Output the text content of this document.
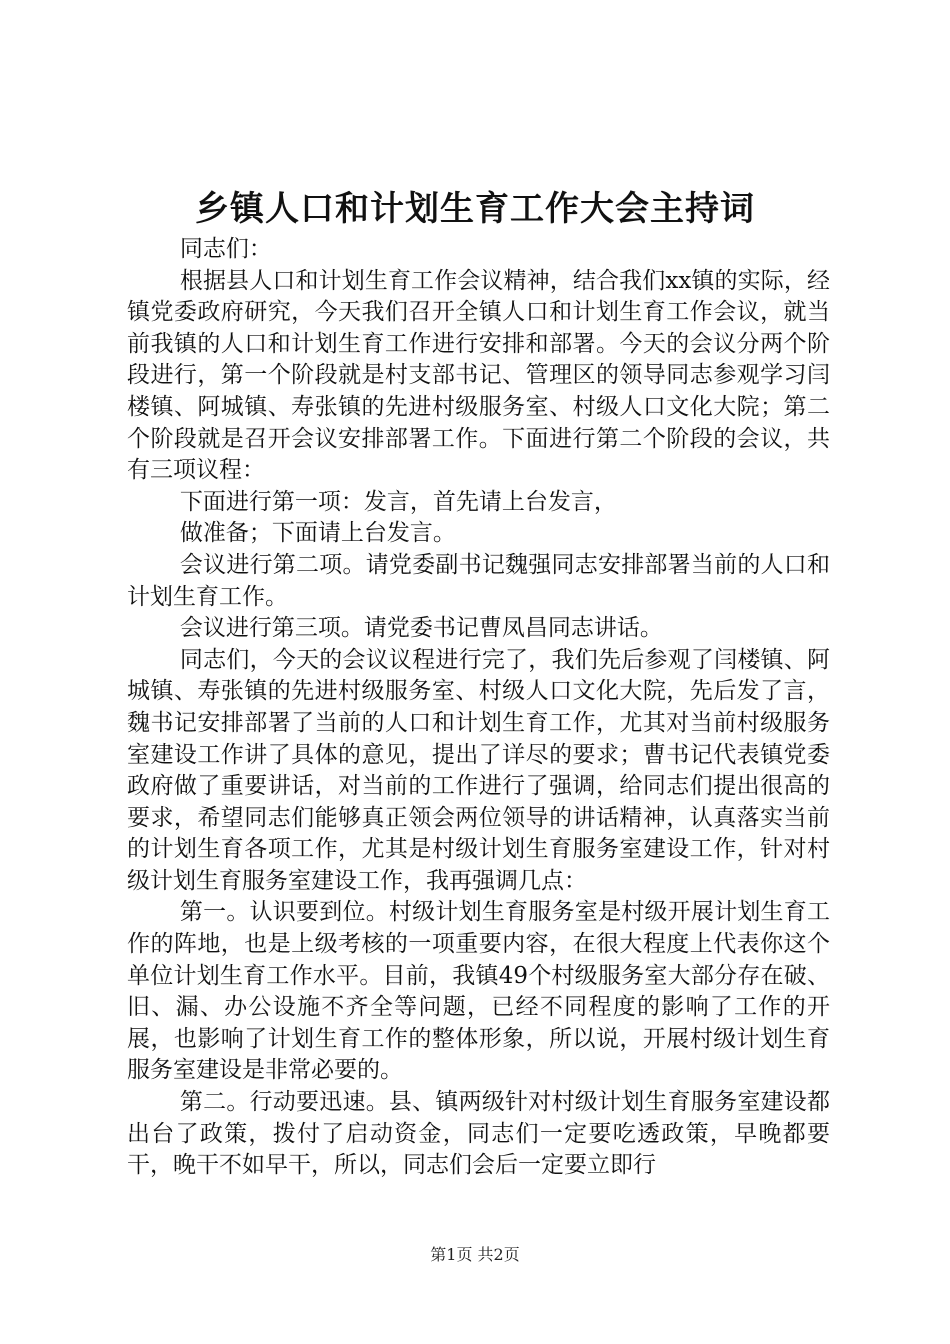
乡镇人口和计划生育工作大会主持词

同志们：

根据县人口和计划生育工作会议精神，结合我们xx镇的实际，经镇党委政府研究，今天我们召开全镇人口和计划生育工作会议，就当前我镇的人口和计划生育工作进行安排和部署。今天的会议分两个阶段进行，第一个阶段就是村支部书记、管理区的领导同志参观学习闫楼镇、阿城镇、寿张镇的先进村级服务室、村级人口文化大院；第二个阶段就是召开会议安排部署工作。下面进行第二个阶段的会议，共有三项议程：

下面进行第一项：发言，首先请上台发言，

做准备；下面请上台发言。

会议进行第二项。请党委副书记魏强同志安排部署当前的人口和计划生育工作。

会议进行第三项。请党委书记曹凤昌同志讲话。

同志们，今天的会议议程进行完了，我们先后参观了闫楼镇、阿城镇、寿张镇的先进村级服务室、村级人口文化大院，先后发了言，魏书记安排部署了当前的人口和计划生育工作，尤其对当前村级服务室建设工作讲了具体的意见，提出了详尽的要求；曹书记代表镇党委政府做了重要讲话，对当前的工作进行了强调，给同志们提出很高的要求，希望同志们能够真正领会两位领导的讲话精神，认真落实当前的计划生育各项工作，尤其是村级计划生育服务室建设工作，针对村级计划生育服务室建设工作，我再强调几点：

第一。认识要到位。村级计划生育服务室是村级开展计划生育工作的阵地，也是上级考核的一项重要内容，在很大程度上代表你这个单位计划生育工作水平。目前，我镇49个村级服务室大部分存在破、旧、漏、办公设施不齐全等问题，已经不同程度的影响了工作的开展，也影响了计划生育工作的整体形象，所以说，开展村级计划生育服务室建设是非常必要的。

第二。行动要迅速。县、镇两级针对村级计划生育服务室建设都出台了政策，拨付了启动资金，同志们一定要吃透政策，早晚都要干，晚干不如早干，所以，同志们会后一定要立即行

第1页 共2页
